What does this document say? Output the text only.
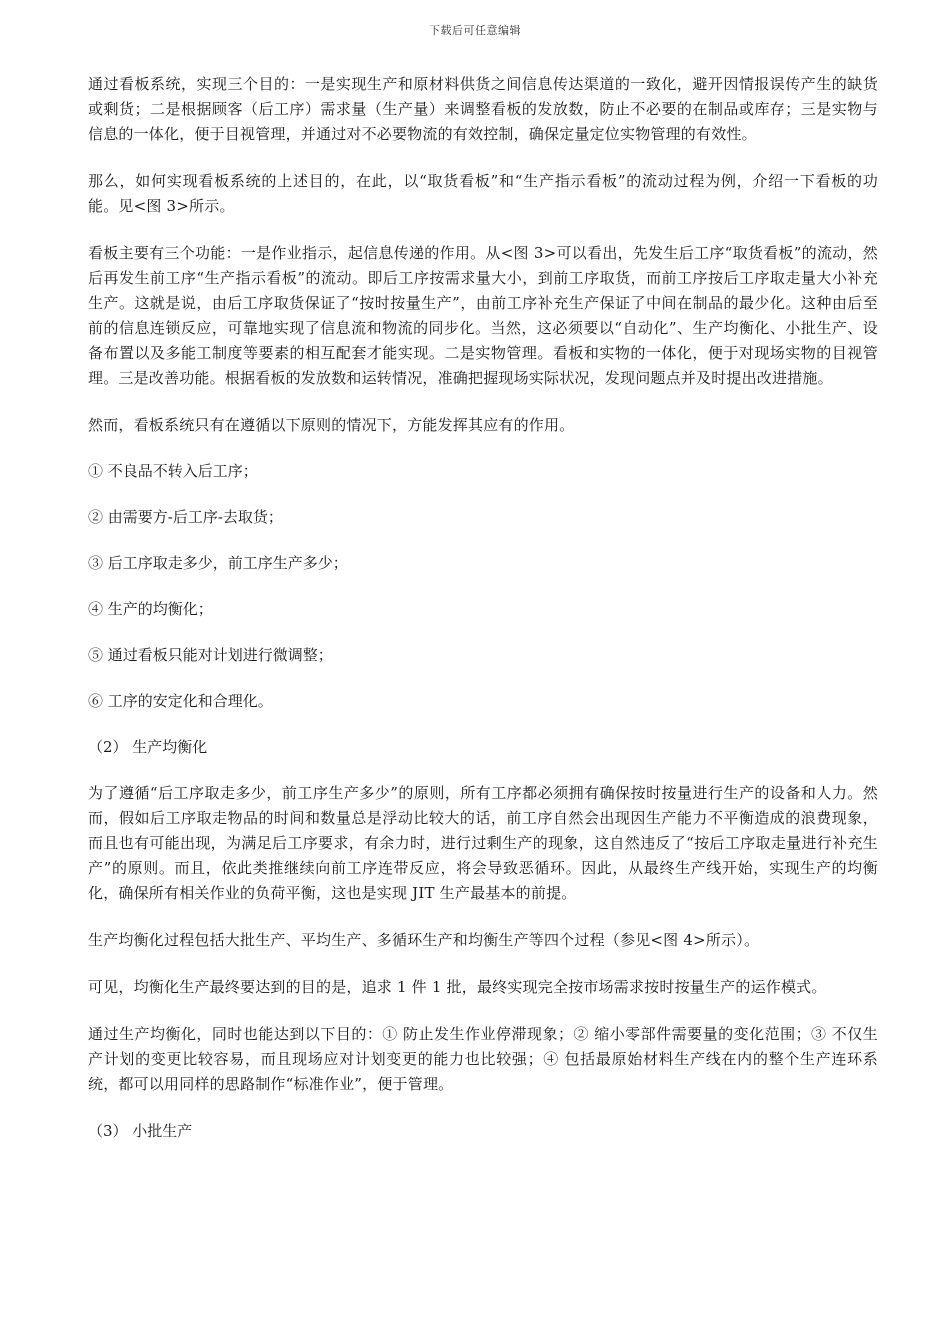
下载后可任意编辑

通过看板系统，实现三个目的：一是实现生产和原材料供货之间信息传达渠道的一致化，避开因情报误传产生的缺货或剩货；二是根据顾客（后工序）需求量（生产量）来调整看板的发放数，防止不必要的在制品或库存；三是实物与信息的一体化，便于目视管理，并通过对不必要物流的有效控制，确保定量定位实物管理的有效性。

那么，如何实现看板系统的上述目的，在此，以“取货看板”和“生产指示看板”的流动过程为例，介绍一下看板的功能。见<图 3>所示。

看板主要有三个功能：一是作业指示，起信息传递的作用。从<图 3>可以看出，先发生后工序“取货看板”的流动，然后再发生前工序“生产指示看板”的流动。即后工序按需求量大小，到前工序取货，而前工序按后工序取走量大小补充生产。这就是说，由后工序取货保证了“按时按量生产”，由前工序补充生产保证了中间在制品的最少化。这种由后至前的信息连锁反应，可靠地实现了信息流和物流的同步化。当然，这必须要以“自动化”、生产均衡化、小批生产、设备布置以及多能工制度等要素的相互配套才能实现。二是实物管理。看板和实物的一体化，便于对现场实物的目视管理。三是改善功能。根据看板的发放数和运转情况，准确把握现场实际状况，发现问题点并及时提出改进措施。

然而，看板系统只有在遵循以下原则的情况下，方能发挥其应有的作用。

① 不良品不转入后工序；

② 由需要方-后工序-去取货；

③ 后工序取走多少，前工序生产多少；

④ 生产的均衡化；

⑤ 通过看板只能对计划进行微调整；

⑥ 工序的安定化和合理化。

（2） 生产均衡化

为了遵循“后工序取走多少，前工序生产多少”的原则，所有工序都必须拥有确保按时按量进行生产的设备和人力。然而，假如后工序取走物品的时间和数量总是浮动比较大的话，前工序自然会出现因生产能力不平衡造成的浪费现象，而且也有可能出现，为满足后工序要求，有余力时，进行过剩生产的现象，这自然违反了“按后工序取走量进行补充生产”的原则。而且，依此类推继续向前工序连带反应，将会导致恶循环。因此，从最终生产线开始，实现生产的均衡化，确保所有相关作业的负荷平衡，这也是实现 JIT 生产最基本的前提。

生产均衡化过程包括大批生产、平均生产、多循环生产和均衡生产等四个过程（参见<图 4>所示）。

可见，均衡化生产最终要达到的目的是，追求 1 件 1 批，最终实现完全按市场需求按时按量生产的运作模式。

通过生产均衡化，同时也能达到以下目的：① 防止发生作业停滞现象；② 缩小零部件需要量的变化范围；③ 不仅生产计划的变更比较容易，而且现场应对计划变更的能力也比较强；④ 包括最原始材料生产线在内的整个生产连环系统，都可以用同样的思路制作“标准作业”，便于管理。

（3） 小批生产
